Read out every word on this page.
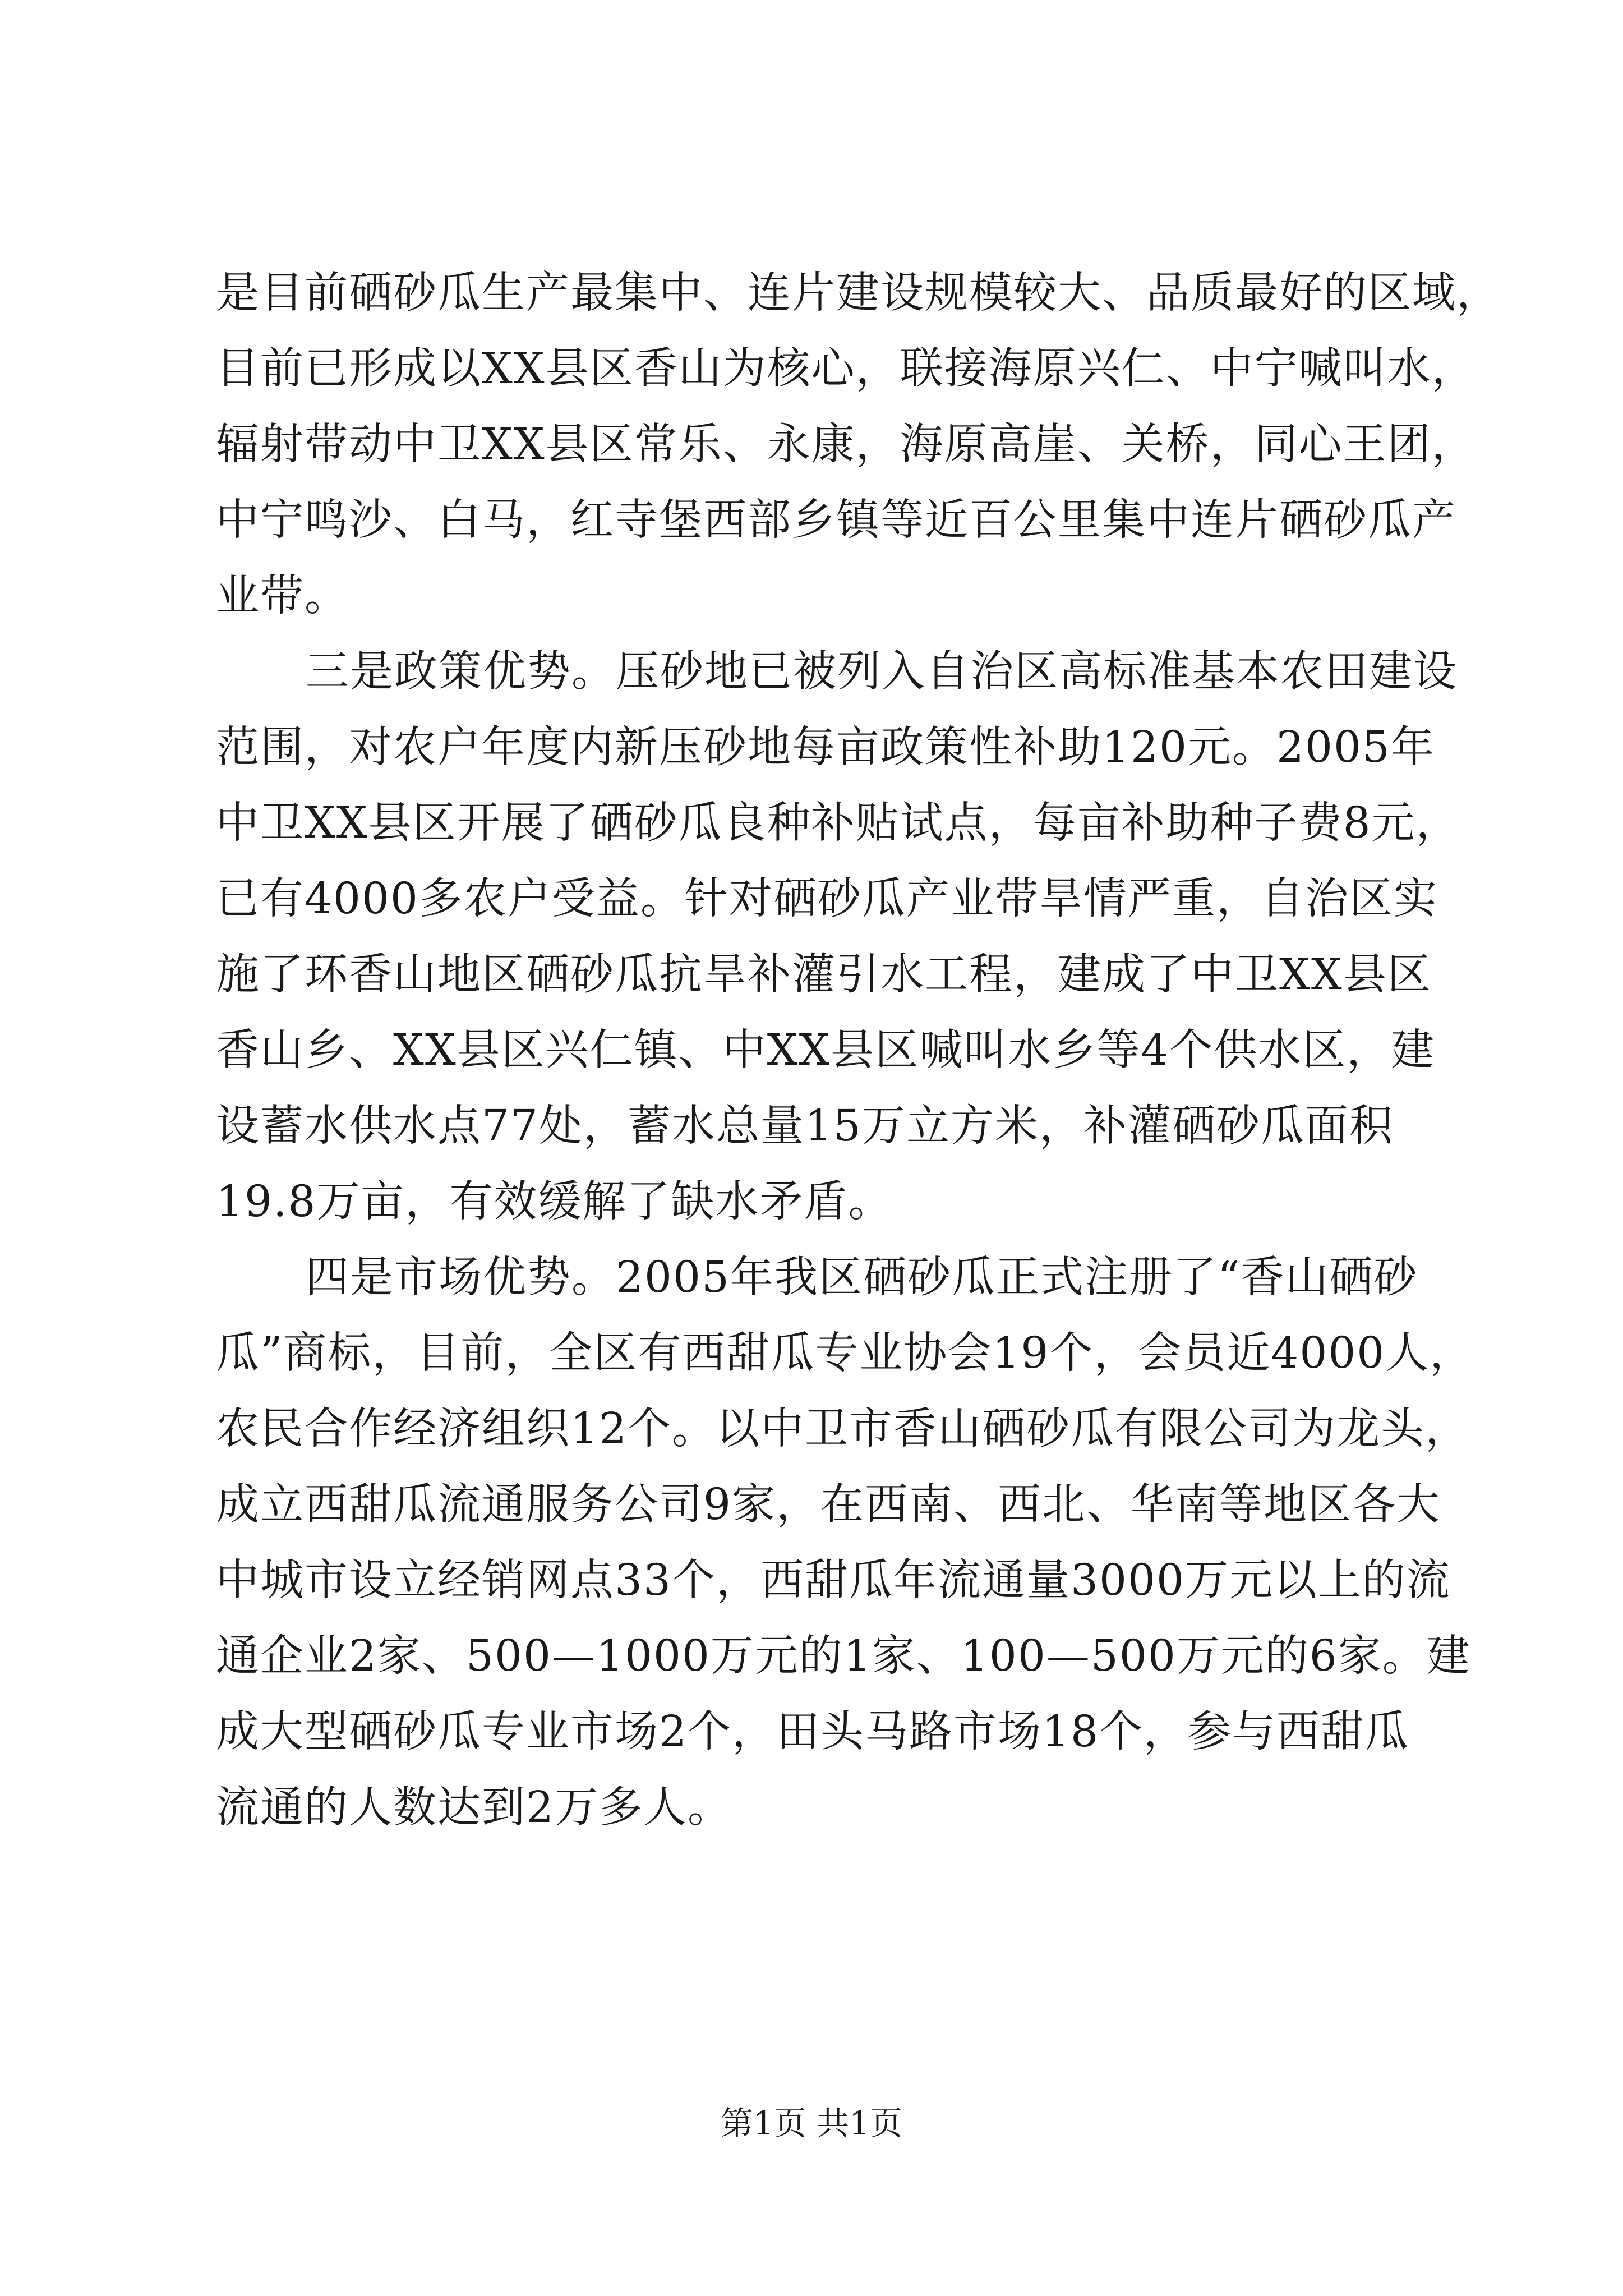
是目前硒砂瓜生产最集中、连片建设规模较大、品质最好的区域，
目前已形成以XX县区香山为核心，联接海原兴仁、中宁喊叫水，
辐射带动中卫XX县区常乐、永康，海原高崖、关桥，同心王团，
中宁鸣沙、白马，红寺堡西部乡镇等近百公里集中连片硒砂瓜产
业带。
三是政策优势。压砂地已被列入自治区高标准基本农田建设
范围，对农户年度内新压砂地每亩政策性补助120元。2005年
中卫XX县区开展了硒砂瓜良种补贴试点，每亩补助种子费8元，
已有4000多农户受益。针对硒砂瓜产业带旱情严重，自治区实
施了环香山地区硒砂瓜抗旱补灌引水工程，建成了中卫XX县区
香山乡、XX县区兴仁镇、中XX县区喊叫水乡等4个供水区，建
设蓄水供水点77处，蓄水总量15万立方米，补灌硒砂瓜面积
19.8万亩，有效缓解了缺水矛盾。
四是市场优势。2005年我区硒砂瓜正式注册了“香山硒砂
瓜”商标，目前，全区有西甜瓜专业协会19个，会员近4000人，
农民合作经济组织12个。以中卫市香山硒砂瓜有限公司为龙头，
成立西甜瓜流通服务公司9家，在西南、西北、华南等地区各大
中城市设立经销网点33个，西甜瓜年流通量3000万元以上的流
通企业2家、500—1000万元的1家、100—500万元的6家。建
成大型硒砂瓜专业市场2个，田头马路市场18个，参与西甜瓜
流通的人数达到2万多人。
第1页 共1页
